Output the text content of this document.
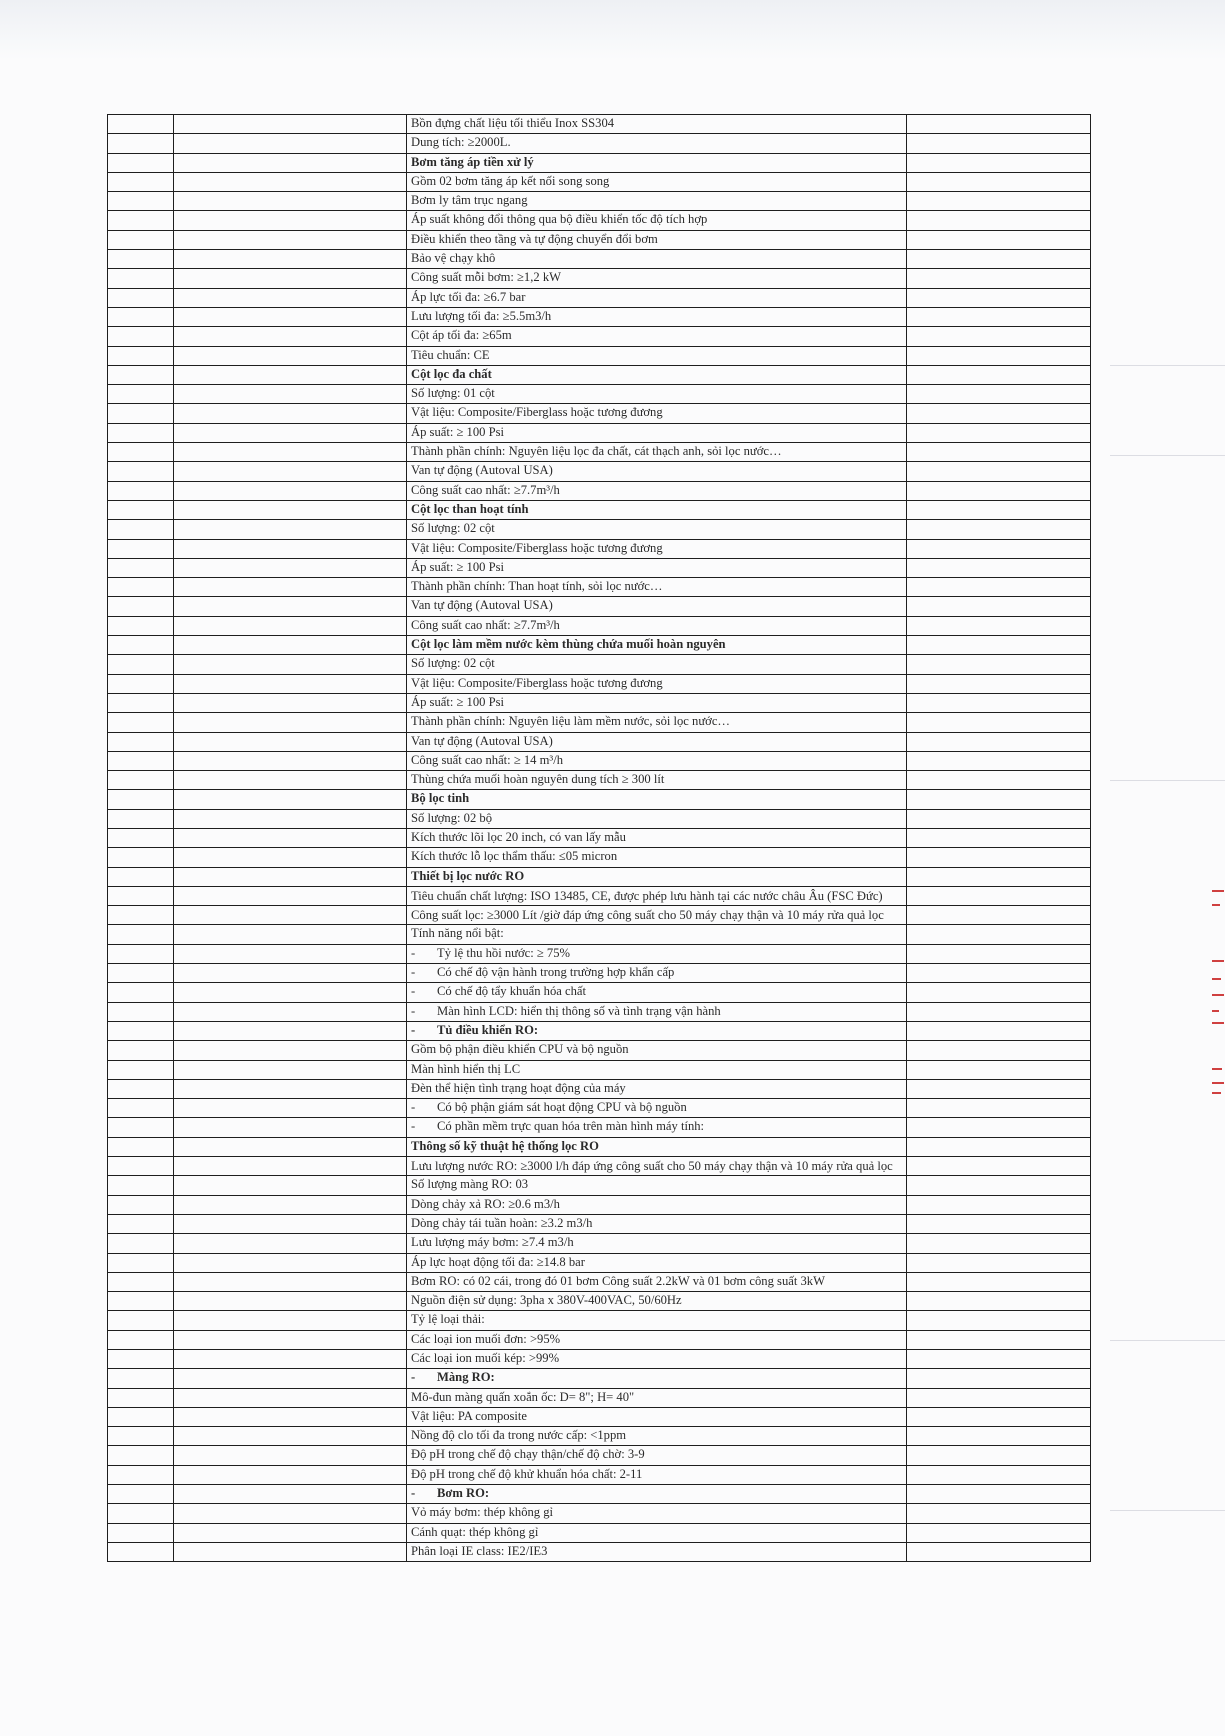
		Bồn đựng chất liệu tối thiểu Inox SS304	
		Dung tích: ≥2000L.	
		Bơm tăng áp tiền xử lý	
		Gồm 02 bơm tăng áp kết nối song song	
		Bơm ly tâm trục ngang	
		Áp suất không đổi thông qua bộ điều khiển tốc độ tích hợp	
		Điều khiển theo tầng và tự động chuyển đổi bơm	
		Bảo vệ chạy khô	
		Công suất mỗi bơm: ≥1,2 kW	
		Áp lực tối đa: ≥6.7 bar	
		Lưu lượng tối đa: ≥5.5m3/h	
		Cột áp tối đa: ≥65m	
		Tiêu chuẩn: CE	
		Cột lọc đa chất	
		Số lượng: 01 cột	
		Vật liệu: Composite/Fiberglass hoặc tương đương	
		Áp suất: ≥ 100 Psi	
		Thành phần chính: Nguyên liệu lọc đa chất, cát thạch anh, sỏi lọc nước…	
		Van tự động (Autoval USA)	
		Công suất cao nhất: ≥7.7m³/h	
		Cột lọc than hoạt tính	
		Số lượng: 02 cột	
		Vật liệu: Composite/Fiberglass hoặc tương đương	
		Áp suất: ≥ 100 Psi	
		Thành phần chính: Than hoạt tính, sỏi lọc nước…	
		Van tự động (Autoval USA)	
		Công suất cao nhất: ≥7.7m³/h	
		Cột lọc làm mềm nước kèm thùng chứa muối hoàn nguyên	
		Số lượng: 02 cột	
		Vật liệu: Composite/Fiberglass hoặc tương đương	
		Áp suất: ≥ 100 Psi	
		Thành phần chính: Nguyên liệu làm mềm nước, sỏi lọc nước…	
		Van tự động (Autoval USA)	
		Công suất cao nhất: ≥ 14 m³/h	
		Thùng chứa muối hoàn nguyên dung tích ≥ 300 lít	
		Bộ lọc tinh	
		Số lượng: 02 bộ	
		Kích thước lõi lọc 20 inch, có van lấy mẫu	
		Kích thước lỗ lọc thẩm thấu: ≤05 micron	
		Thiết bị lọc nước RO	
		Tiêu chuẩn chất lượng: ISO 13485, CE, được phép lưu hành tại các nước châu Âu (FSC Đức)	
		Công suất lọc: ≥3000 Lít /giờ đáp ứng công suất cho 50 máy chạy thận và 10 máy rửa quả lọc	
		Tính năng nổi bật:	
		- Tỷ lệ thu hồi nước: ≥ 75%	
		- Có chế độ vận hành trong trường hợp khẩn cấp	
		- Có chế độ tẩy khuẩn hóa chất	
		- Màn hình LCD: hiển thị thông số và tình trạng vận hành	
		- Tủ điều khiển RO:	
		Gồm bộ phận điều khiển CPU và bộ nguồn	
		Màn hình hiển thị LC	
		Đèn thể hiện tình trạng hoạt động của máy	
		- Có bộ phận giám sát hoạt động CPU và bộ nguồn	
		- Có phần mềm trực quan hóa trên màn hình máy tính:	
		Thông số kỹ thuật hệ thống lọc RO	
		Lưu lượng nước RO: ≥3000 l/h đáp ứng công suất cho 50 máy chạy thận và 10 máy rửa quả lọc	
		Số lượng màng RO: 03	
		Dòng chảy xả RO: ≥0.6 m3/h	
		Dòng chảy tái tuần hoàn: ≥3.2 m3/h	
		Lưu lượng máy bơm: ≥7.4 m3/h	
		Áp lực hoạt động tối đa: ≥14.8 bar	
		Bơm RO: có 02 cái, trong đó 01 bơm Công suất 2.2kW và 01 bơm công suất 3kW	
		Nguồn điện sử dụng: 3pha x 380V-400VAC, 50/60Hz	
		Tỷ lệ loại thải:	
		Các loại ion muối đơn: >95%	
		Các loại ion muối kép: >99%	
		- Màng RO:	
		Mô-đun màng quấn xoắn ốc: D= 8"; H= 40"	
		Vật liệu: PA composite	
		Nồng độ clo tối đa trong nước cấp: <1ppm	
		Độ pH trong chế độ chạy thận/chế độ chờ: 3-9	
		Độ pH trong chế độ khử khuẩn hóa chất: 2-11	
		- Bơm RO:	
		Vỏ máy bơm: thép không gỉ	
		Cánh quạt: thép không gỉ	
		Phân loại IE class: IE2/IE3	
